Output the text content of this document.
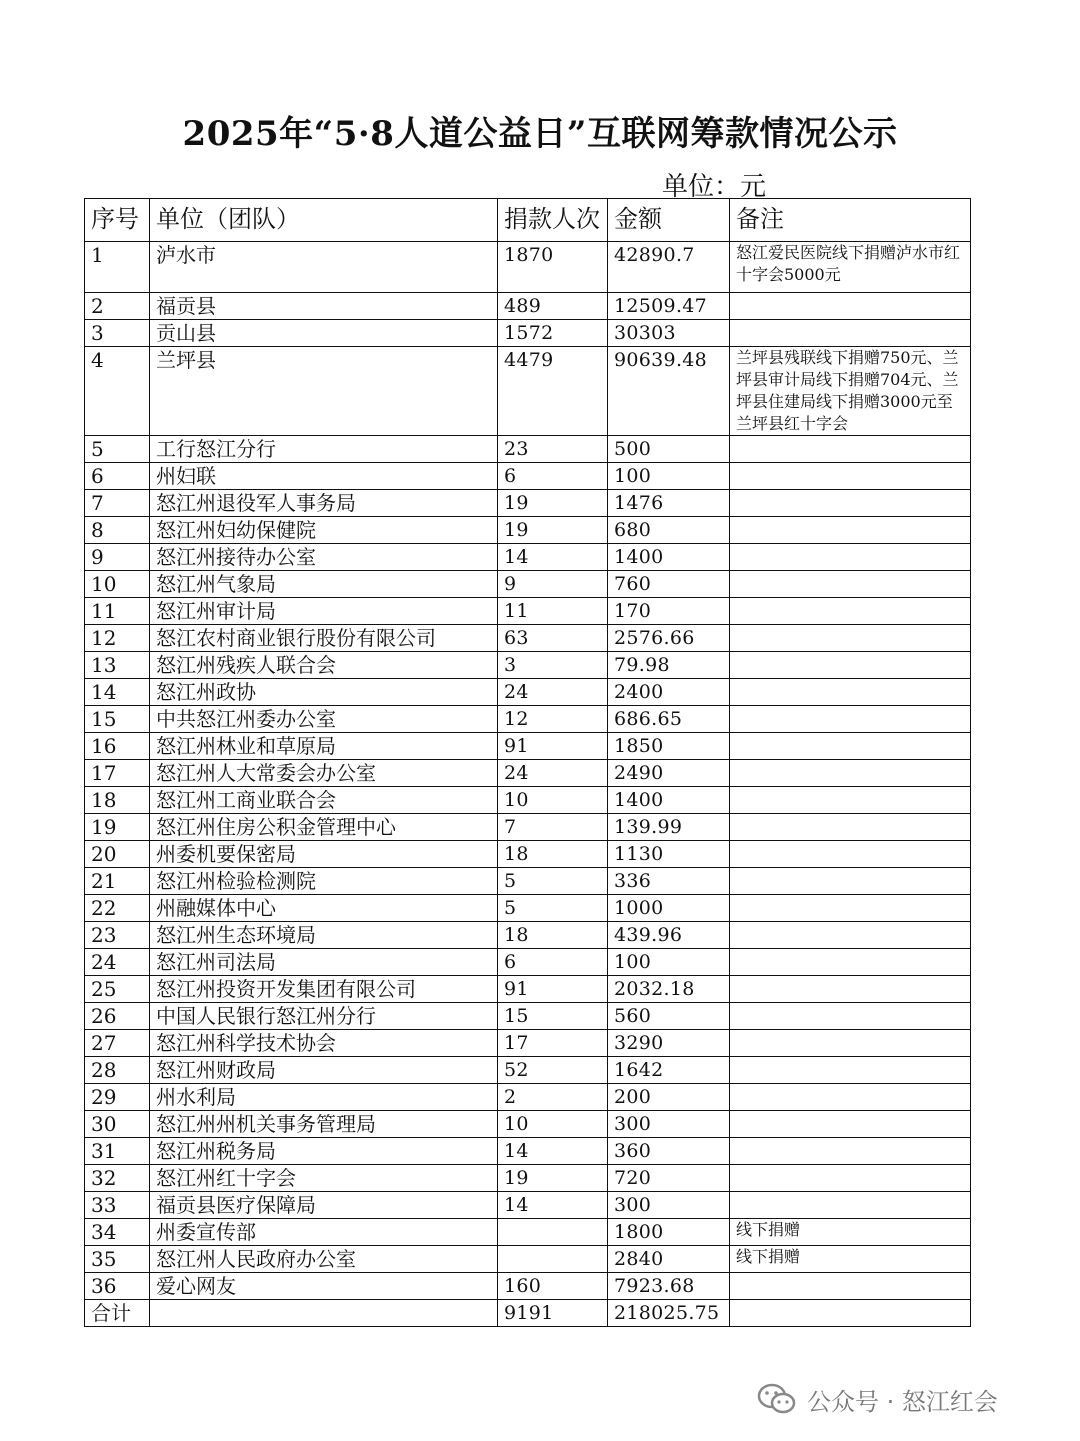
2025年“5·8人道公益日”互联网筹款情况公示
单位：元
序号	单位（团队）	捐款人次	金额	备注
1	泸水市	1870	42890.7	怒江爱民医院线下捐赠泸水市红十字会5000元
2	福贡县	489	12509.47	
3	贡山县	1572	30303	
4	兰坪县	4479	90639.48	兰坪县残联线下捐赠750元、兰坪县审计局线下捐赠704元、兰坪县住建局线下捐赠3000元至兰坪县红十字会
5	工行怒江分行	23	500	
6	州妇联	6	100	
7	怒江州退役军人事务局	19	1476	
8	怒江州妇幼保健院	19	680	
9	怒江州接待办公室	14	1400	
10	怒江州气象局	9	760	
11	怒江州审计局	11	170	
12	怒江农村商业银行股份有限公司	63	2576.66	
13	怒江州残疾人联合会	3	79.98	
14	怒江州政协	24	2400	
15	中共怒江州委办公室	12	686.65	
16	怒江州林业和草原局	91	1850	
17	怒江州人大常委会办公室	24	2490	
18	怒江州工商业联合会	10	1400	
19	怒江州住房公积金管理中心	7	139.99	
20	州委机要保密局	18	1130	
21	怒江州检验检测院	5	336	
22	州融媒体中心	5	1000	
23	怒江州生态环境局	18	439.96	
24	怒江州司法局	6	100	
25	怒江州投资开发集团有限公司	91	2032.18	
26	中国人民银行怒江州分行	15	560	
27	怒江州科学技术协会	17	3290	
28	怒江州财政局	52	1642	
29	州水利局	2	200	
30	怒江州州机关事务管理局	10	300	
31	怒江州税务局	14	360	
32	怒江州红十字会	19	720	
33	福贡县医疗保障局	14	300	
34	州委宣传部		1800	线下捐赠
35	怒江州人民政府办公室		2840	线下捐赠
36	爱心网友	160	7923.68	
合计		9191	218025.75	
公众号 · 怒江红会
